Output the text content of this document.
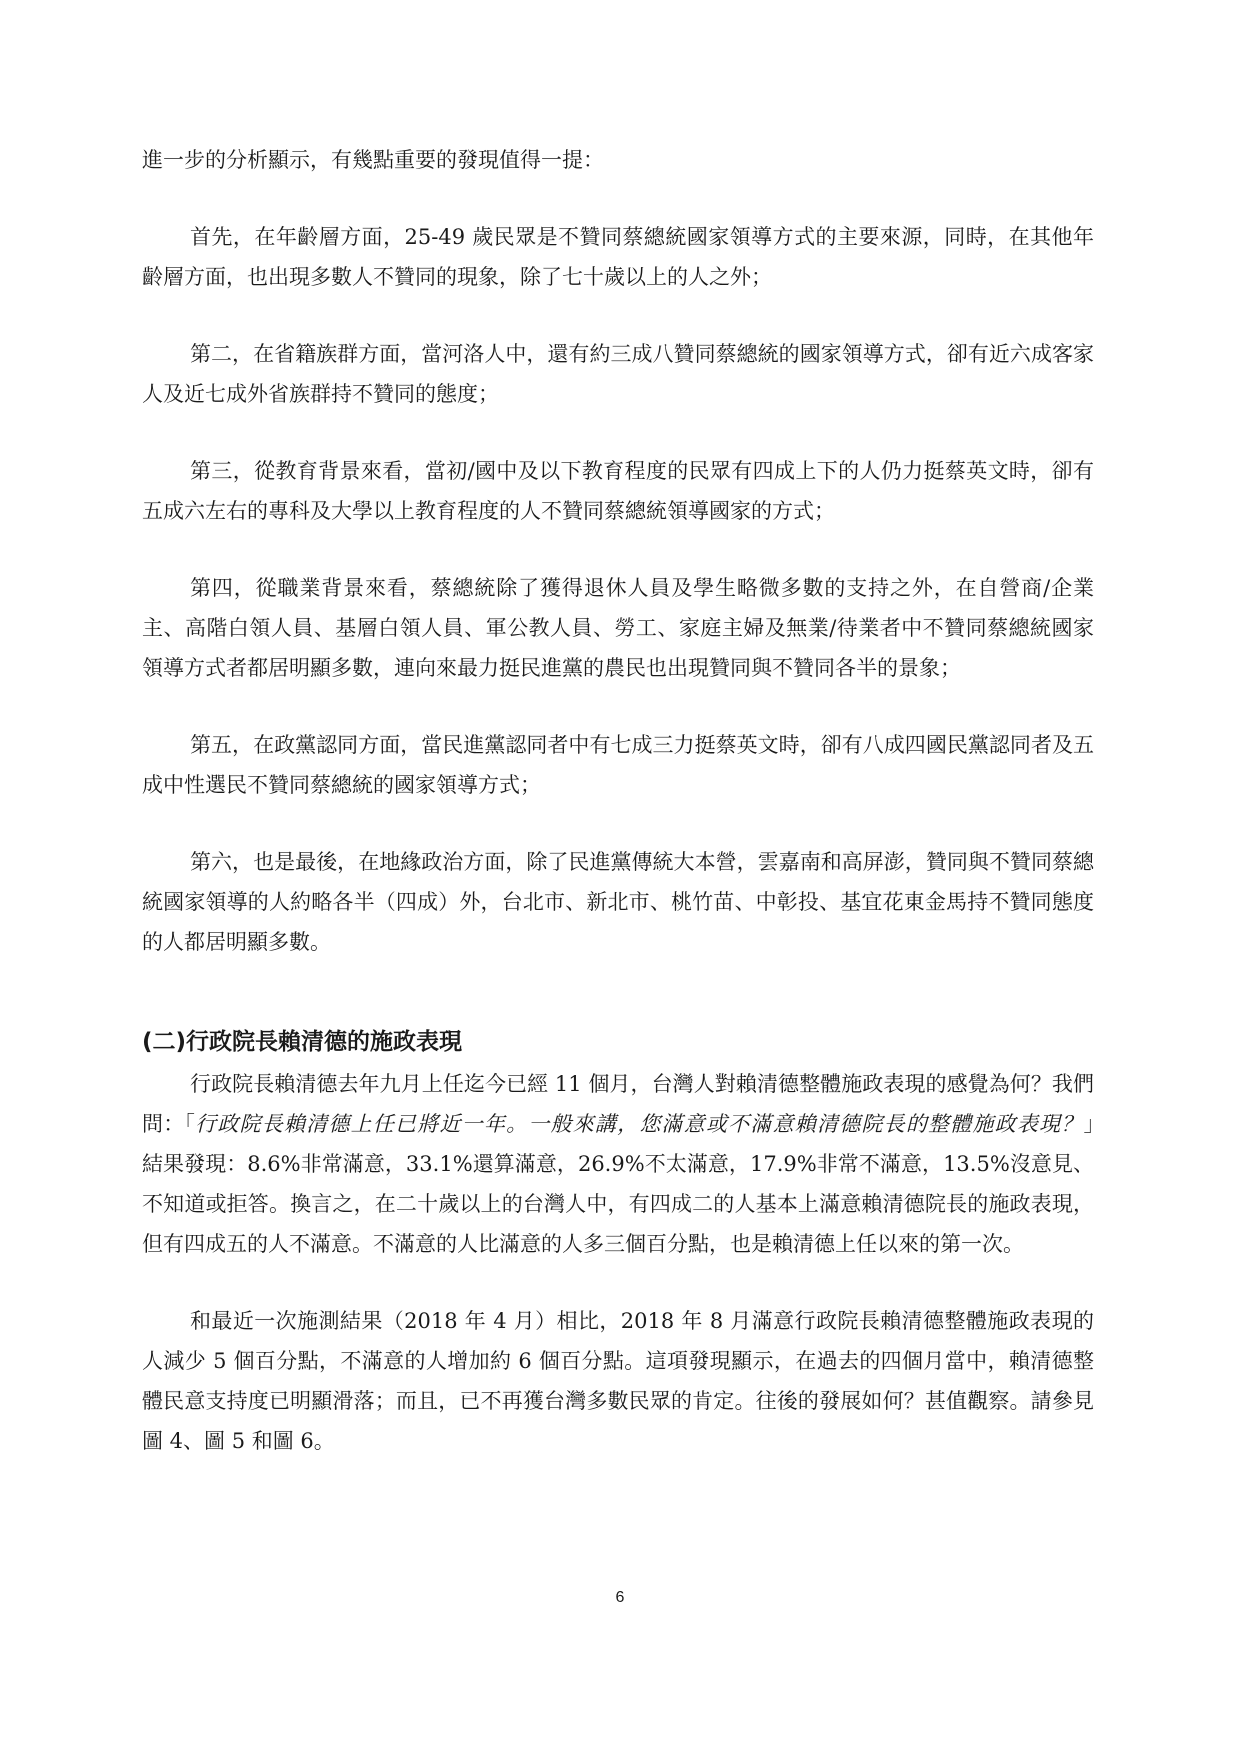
進一步的分析顯示，有幾點重要的發現值得一提：

首先，在年齡層方面，25-49 歲民眾是不贊同蔡總統國家領導方式的主要來源，同時，在其他年齡層方面，也出現多數人不贊同的現象，除了七十歲以上的人之外；

第二，在省籍族群方面，當河洛人中，還有約三成八贊同蔡總統的國家領導方式，卻有近六成客家人及近七成外省族群持不贊同的態度；

第三，從教育背景來看，當初/國中及以下教育程度的民眾有四成上下的人仍力挺蔡英文時，卻有五成六左右的專科及大學以上教育程度的人不贊同蔡總統領導國家的方式；

第四，從職業背景來看，蔡總統除了獲得退休人員及學生略微多數的支持之外，在自營商/企業主、高階白領人員、基層白領人員、軍公教人員、勞工、家庭主婦及無業/待業者中不贊同蔡總統國家領導方式者都居明顯多數，連向來最力挺民進黨的農民也出現贊同與不贊同各半的景象；

第五，在政黨認同方面，當民進黨認同者中有七成三力挺蔡英文時，卻有八成四國民黨認同者及五成中性選民不贊同蔡總統的國家領導方式；

第六，也是最後，在地緣政治方面，除了民進黨傳統大本營，雲嘉南和高屏澎，贊同與不贊同蔡總統國家領導的人約略各半（四成）外，台北市、新北市、桃竹苗、中彰投、基宜花東金馬持不贊同態度的人都居明顯多數。

(二)行政院長賴清德的施政表現

行政院長賴清德去年九月上任迄今已經 11 個月，台灣人對賴清德整體施政表現的感覺為何？我們問：「行政院長賴清德上任已將近一年。一般來講，您滿意或不滿意賴清德院長的整體施政表現？」結果發現：8.6%非常滿意，33.1%還算滿意，26.9%不太滿意，17.9%非常不滿意，13.5%沒意見、不知道或拒答。換言之，在二十歲以上的台灣人中，有四成二的人基本上滿意賴清德院長的施政表現，但有四成五的人不滿意。不滿意的人比滿意的人多三個百分點，也是賴清德上任以來的第一次。

和最近一次施測結果（2018 年 4 月）相比，2018 年 8 月滿意行政院長賴清德整體施政表現的人減少 5 個百分點，不滿意的人增加約 6 個百分點。這項發現顯示，在過去的四個月當中，賴清德整體民意支持度已明顯滑落；而且，已不再獲台灣多數民眾的肯定。往後的發展如何？甚值觀察。請參見圖 4、圖 5 和圖 6。

6
